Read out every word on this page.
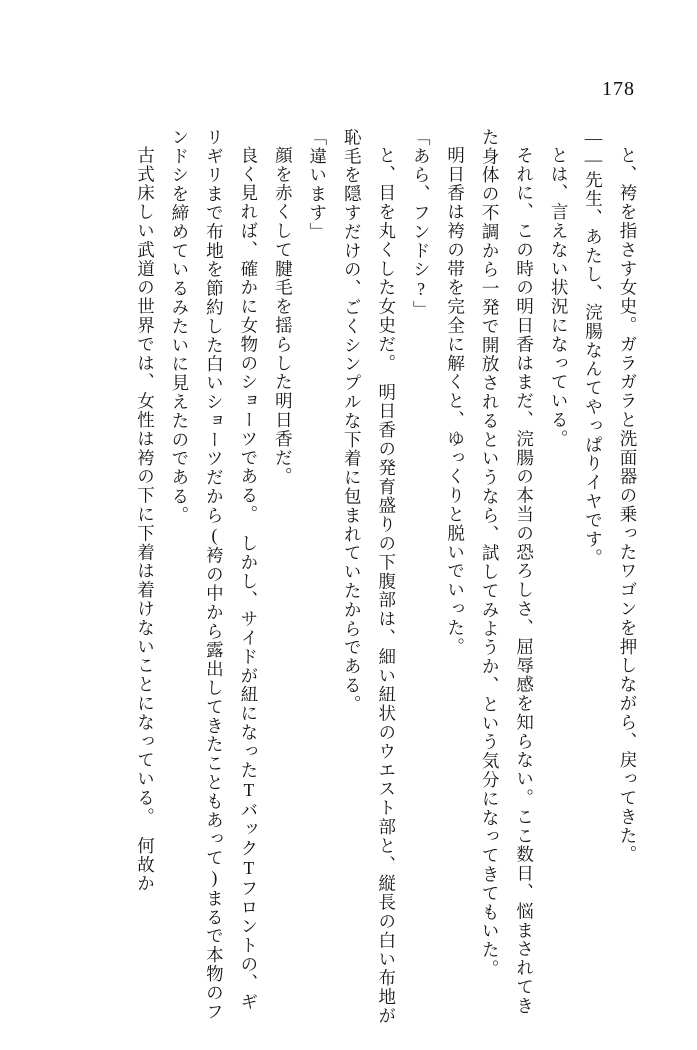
178

と、袴を指さす女史。ガラガラと洗面器の乗ったワゴンを押しながら、戻ってきた。

——先生、あたし、浣腸なんてやっぱりイヤです。

とは、言えない状況になっている。

それに、この時の明日香はまだ、浣腸の本当の恐ろしさ、屈辱感を知らない。ここ数日、悩まされてきた身体の不調から一発で開放されるというなら、試してみようか、という気分になってきてもいた。

明日香は袴の帯を完全に解くと、ゆっくりと脱いでいった。

「あら、フンドシ?」

と、目を丸くした女史だ。　明日香の発育盛りの下腹部は、細い紐状のウエスト部と、縦長の白い布地が恥毛を隠すだけの、ごくシンプルな下着に包まれていたからである。

「違います」

顔を赤くして腱毛を揺らした明日香だ。

良く見れば、確かに女物のショーツである。　しかし、サイドが紐になったTバックTフロントの、ギリギリまで布地を節約した白いショーツだから(袴の中から露出してきたこともあって)まるで本物のフンドシを締めているみたいに見えたのである。

古式床しい武道の世界では、女性は袴の下に下着は着けないことになっている。　何故か
